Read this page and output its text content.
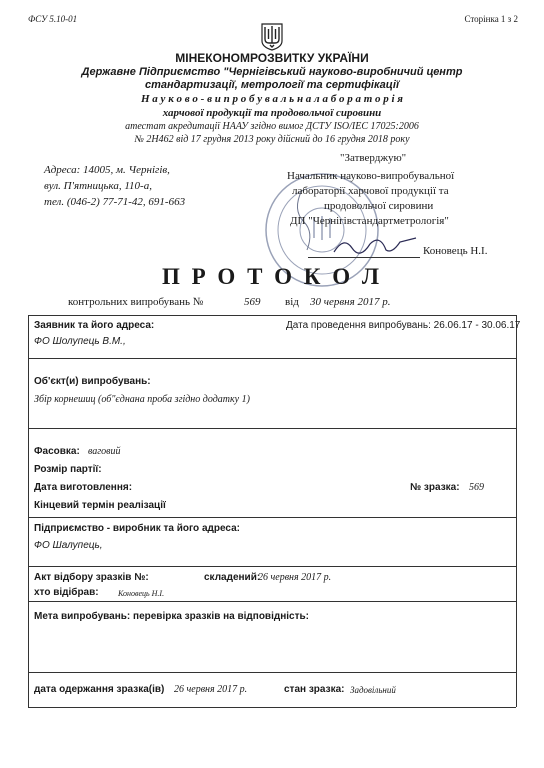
ФСУ 5.10-01	Сторінка 1 з 2
МІНЕКОНОМРОЗВИТКУ УКРАЇНИ
Державне Підприємство "Чернігівський науково-виробничий центр
стандартизації, метрології та сертифікації
Н а у к о в о - в и п р о б у в а л ь н а л а б о р а т о р і я
харчової продукції та продовольчої сировини
атестат акредитації НААУ згідно вимог ДСТУ ISO/IEC 17025:2006
№ 2Н462 від 17 грудня 2013 року дійсний до 16 грудня 2018 року
Адреса: 14005, м. Чернігів,
вул. П'ятницька, 110-а,
тел. (046-2) 77-71-42, 691-663
"Затверджую"
Начальник науково-випробувальної
лабораторії харчової продукції та
продовольчої сировини
ДП "Чернігівстандартметрологія"
Коновець Н.І.
П Р О Т О К О Л
контрольних випробувань №	569 від 30 червня 2017 р.
Заявник та його адреса:
ФО Шолупець В.М.,
Дата проведення випробувань: 26.06.17 - 30.06.17
Об'єкт(и) випробувань:
Збір корнешиц (об"єднана проба згідно додатку 1)
Фасовка: ваговий
Розмір партії:
Дата виготовлення:	№ зразка: 569
Кінцевий термін реалізації
Підприємство - виробник та його адреса:
ФО Шалупець,
Акт відбору зразків №:	складений:
26 червня 2017 р.
хто відібрав: Коновець Н.І.
Мета випробувань: перевірка зразків на відповідність:
дата одержання зразка(ів) 26 червня 2017 р.	стан зразка: Задовільний
